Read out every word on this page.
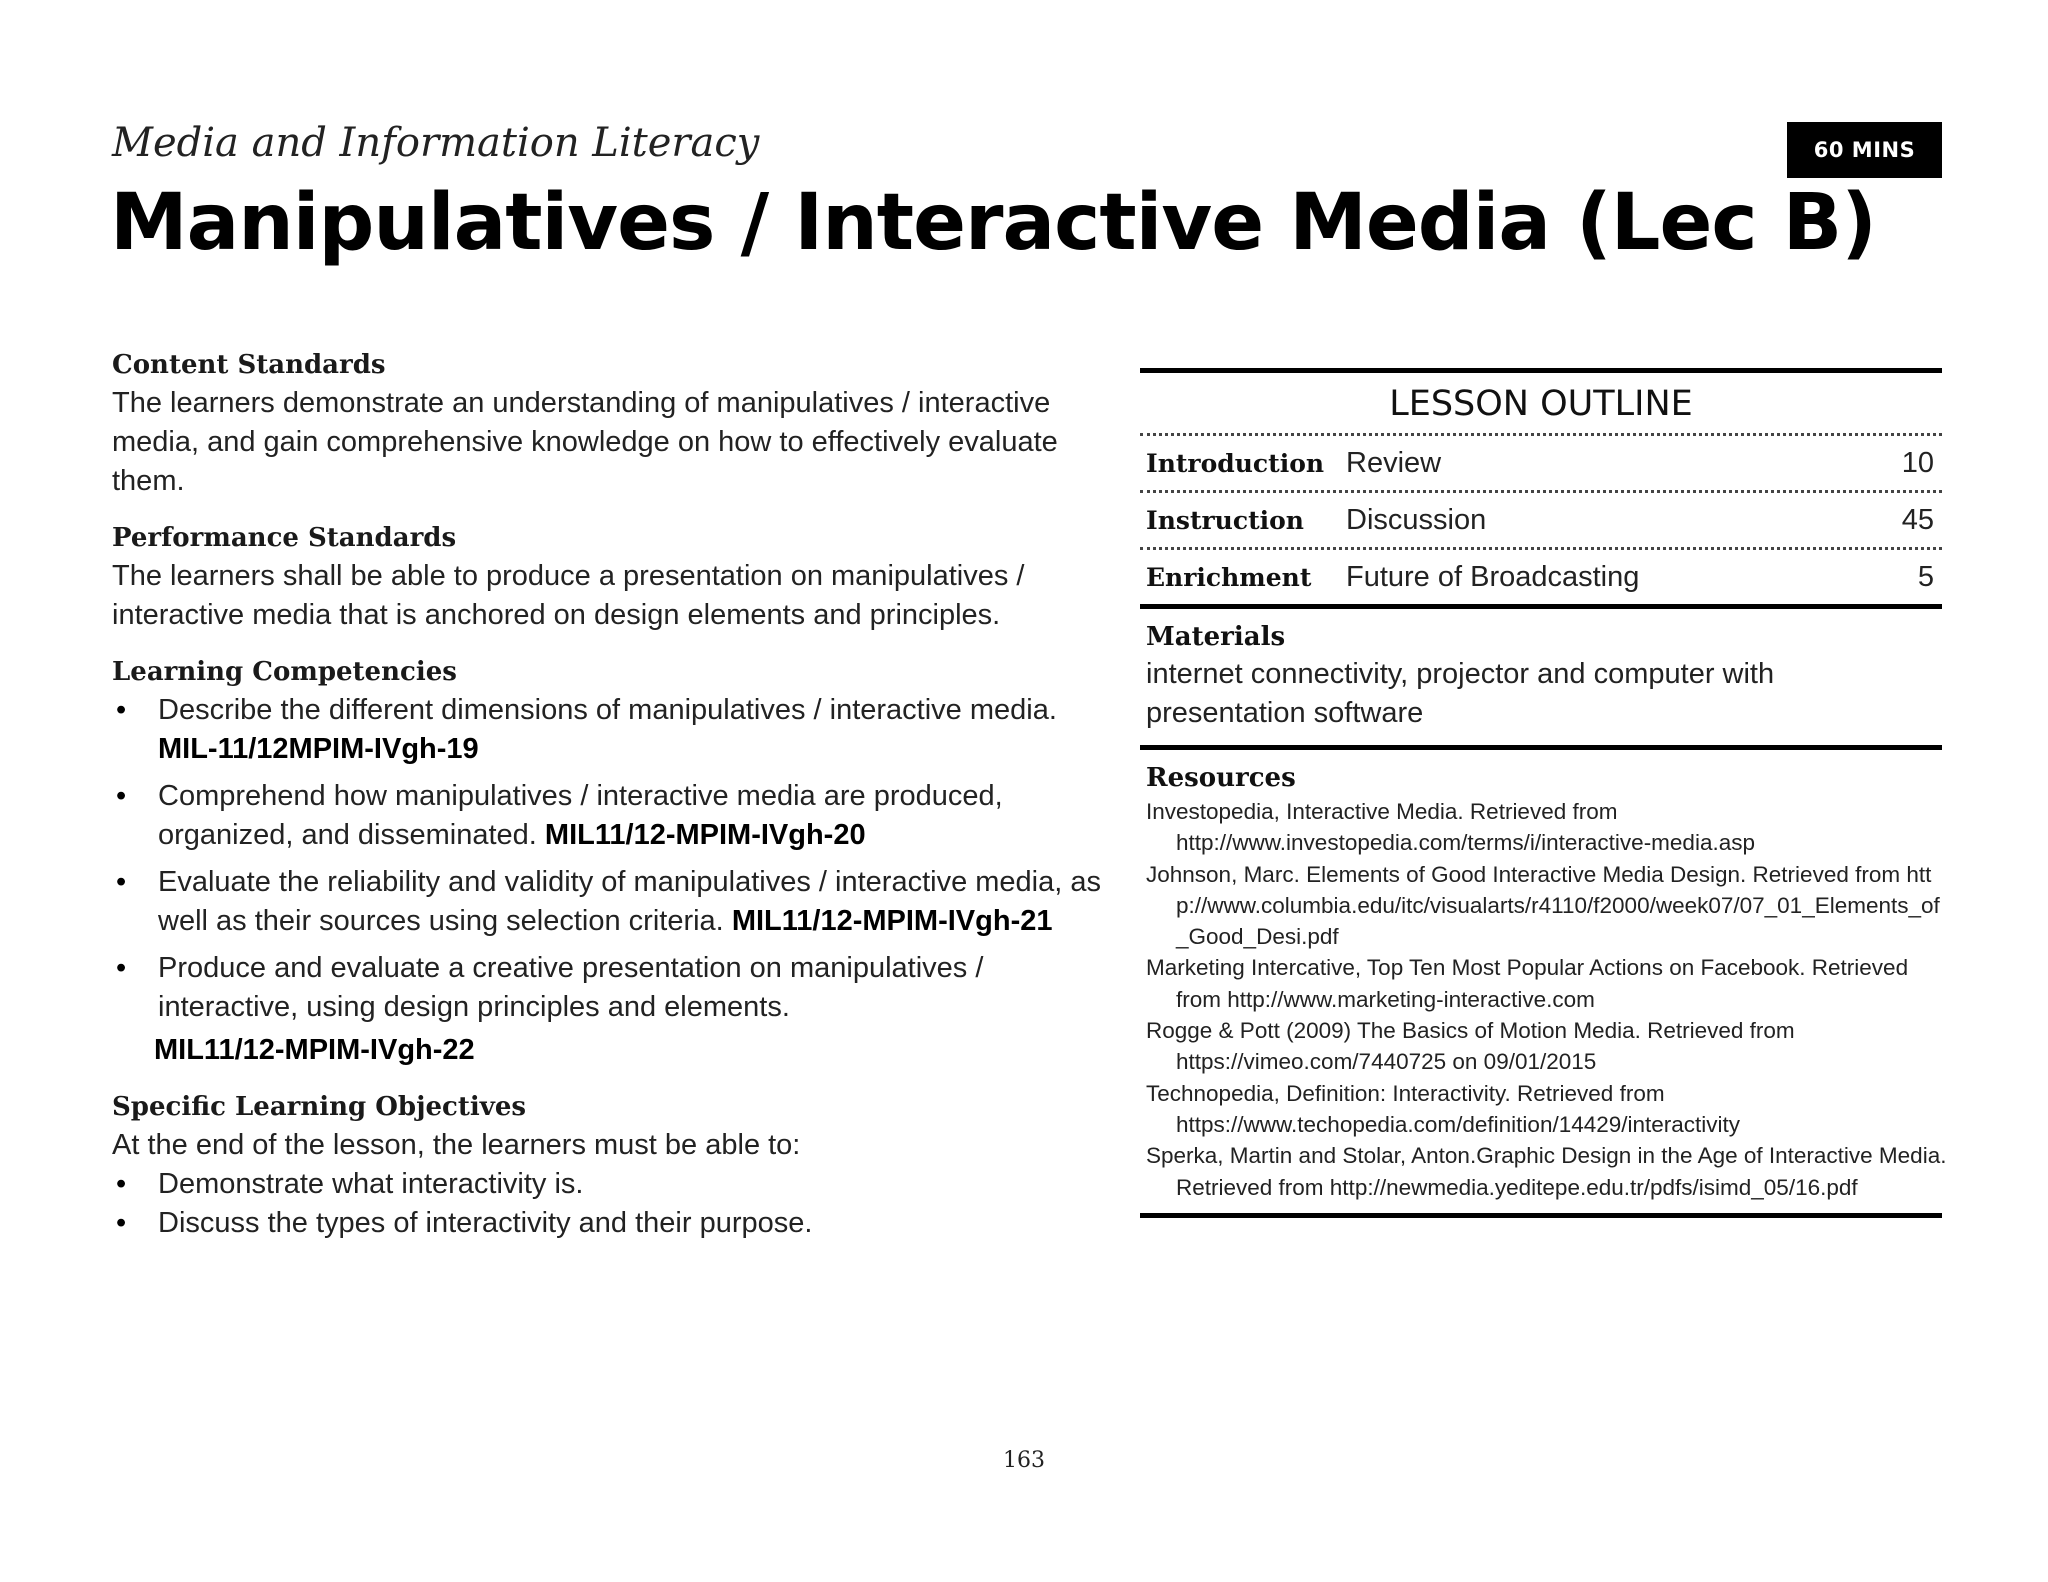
Media and Information Literacy
Manipulatives / Interactive Media (Lec B)
60 MINS

Content Standards

The learners demonstrate an understanding of manipulatives / interactive media, and gain comprehensive knowledge on how to effectively evaluate them.

Performance Standards

The learners shall be able to produce a presentation on manipulatives / interactive media that is anchored on design elements and principles.

Learning Competencies

• Describe the different dimensions of manipulatives / interactive media.
MIL-11/12MPIM-IVgh-19
• Comprehend how manipulatives / interactive media are produced, organized, and disseminated. MIL11/12-MPIM-IVgh-20
• Evaluate the reliability and validity of manipulatives / interactive media, as well as their sources using selection criteria. MIL11/12-MPIM-IVgh-21
• Produce and evaluate a creative presentation on manipulatives / interactive, using design principles and elements.
MIL11/12-MPIM-IVgh-22

Specific Learning Objectives

At the end of the lesson, the learners must be able to:

• Demonstrate what interactivity is.
• Discuss the types of interactivity and their purpose.
LESSON OUTLINE
Introduction Review	10
Instruction	Discussion	45
Enrichment	Future of Broadcasting	5
Materials
internet connectivity, projector and computer with presentation software
Resources
Investopedia, Interactive Media. Retrieved from http://www.investopedia.com/terms/i/interactive-media.asp
Johnson, Marc. Elements of Good Interactive Media Design. Retrieved from http://www.columbia.edu/itc/visualarts/r4110/f2000/week07/07_01_Elements_of_Good_Desi.pdf
Marketing Intercative, Top Ten Most Popular Actions on Facebook. Retrieved from http://www.marketing-interactive.com
Rogge & Pott (2009) The Basics of Motion Media. Retrieved from https://vimeo.com/7440725 on 09/01/2015
Technopedia, Definition: Interactivity. Retrieved from https://www.techopedia.com/definition/14429/interactivity
Sperka, Martin and Stolar, Anton.Graphic Design in the Age of Interactive Media. Retrieved from http://newmedia.yeditepe.edu.tr/pdfs/isimd_05/16.pdf
163
